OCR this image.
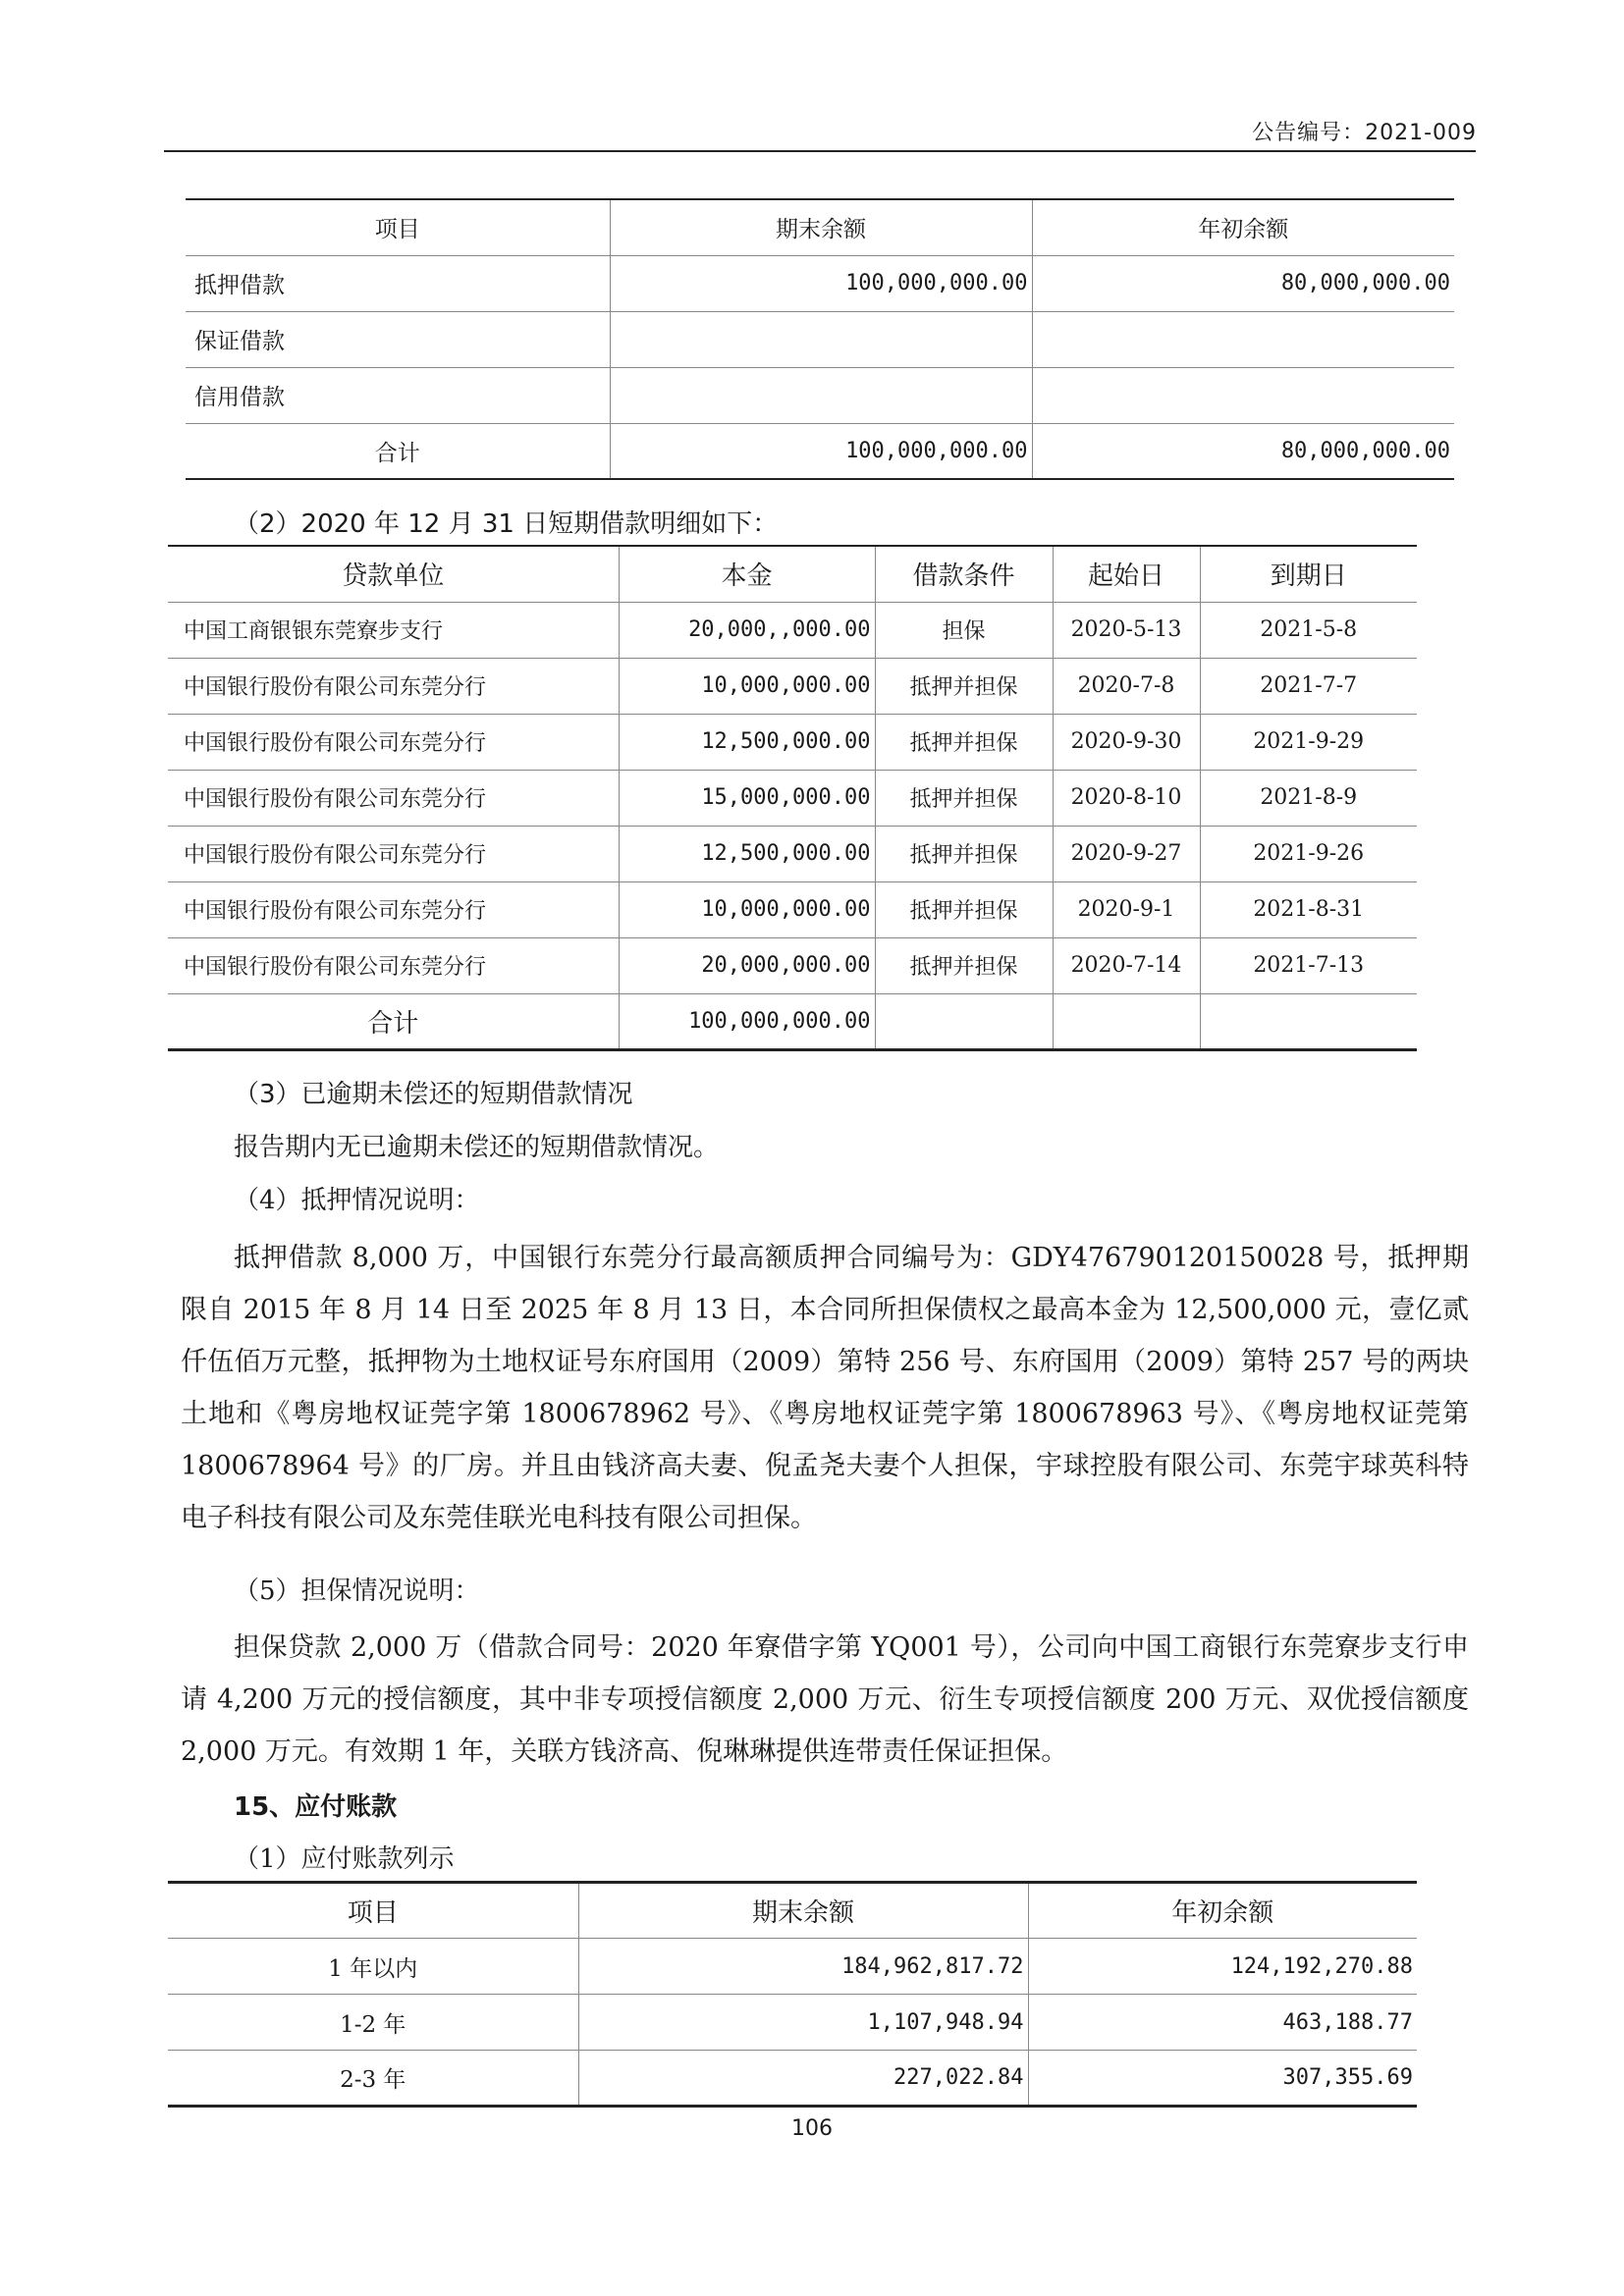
公告编号：2021-009
项目	期末余额	年初余额
抵押借款	100,000,000.00	80,000,000.00
保证借款		
信用借款		
合计	100,000,000.00	80,000,000.00
（2）2020 年 12 月 31 日短期借款明细如下：
贷款单位	本金	借款条件	起始日	到期日
中国工商银银东莞寮步支行	20,000,,000.00	担保	2020-5-13	2021-5-8
中国银行股份有限公司东莞分行	10,000,000.00	抵押并担保	2020-7-8	2021-7-7
中国银行股份有限公司东莞分行	12,500,000.00	抵押并担保	2020-9-30	2021-9-29
中国银行股份有限公司东莞分行	15,000,000.00	抵押并担保	2020-8-10	2021-8-9
中国银行股份有限公司东莞分行	12,500,000.00	抵押并担保	2020-9-27	2021-9-26
中国银行股份有限公司东莞分行	10,000,000.00	抵押并担保	2020-9-1	2021-8-31
中国银行股份有限公司东莞分行	20,000,000.00	抵押并担保	2020-7-14	2021-7-13
合计	100,000,000.00			
（3）已逾期未偿还的短期借款情况
报告期内无已逾期未偿还的短期借款情况。
（4）抵押情况说明：
抵押借款 8,000 万，中国银行东莞分行最高额质押合同编号为：GDY476790120150028 号，抵押期限自 2015 年 8 月 14 日至 2025 年 8 月 13 日，本合同所担保债权之最高本金为 12,500,000 元，壹亿贰仟伍佰万元整，抵押物为土地权证号东府国用（2009）第特 256 号、东府国用（2009）第特 257 号的两块土地和《粤房地权证莞字第 1800678962 号》、《粤房地权证莞字第 1800678963 号》、《粤房地权证莞第 1800678964 号》的厂房。并且由钱济高夫妻、倪孟尧夫妻个人担保，宇球控股有限公司、东莞宇球英科特电子科技有限公司及东莞佳联光电科技有限公司担保。
（5）担保情况说明：
担保贷款 2,000 万（借款合同号：2020 年寮借字第 YQ001 号），公司向中国工商银行东莞寮步支行申请 4,200 万元的授信额度，其中非专项授信额度 2,000 万元、衍生专项授信额度 200 万元、双优授信额度 2,000 万元。有效期 1 年，关联方钱济高、倪琳琳提供连带责任保证担保。
15、应付账款
（1）应付账款列示
项目	期末余额	年初余额
1 年以内	184,962,817.72	124,192,270.88
1-2 年	1,107,948.94	463,188.77
2-3 年	227,022.84	307,355.69
106
